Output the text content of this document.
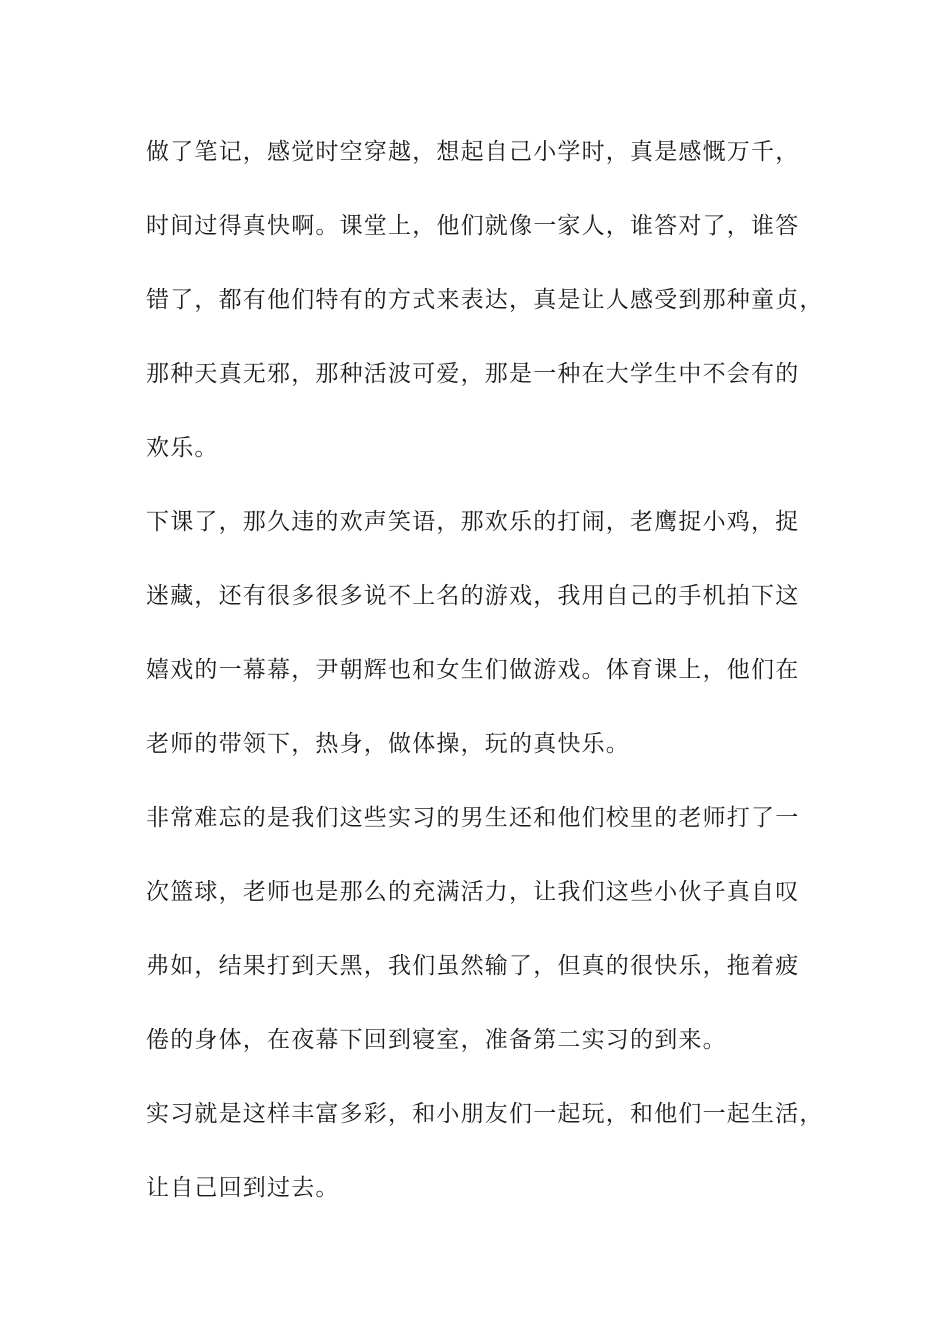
做了笔记，感觉时空穿越，想起自己小学时，真是感慨万千，
时间过得真快啊。课堂上，他们就像一家人，谁答对了，谁答
错了，都有他们特有的方式来表达，真是让人感受到那种童贞，
那种天真无邪，那种活波可爱，那是一种在大学生中不会有的
欢乐。
下课了，那久违的欢声笑语，那欢乐的打闹，老鹰捉小鸡，捉
迷藏，还有很多很多说不上名的游戏，我用自己的手机拍下这
嬉戏的一幕幕，尹朝辉也和女生们做游戏。体育课上，他们在
老师的带领下，热身，做体操，玩的真快乐。
非常难忘的是我们这些实习的男生还和他们校里的老师打了一
次篮球，老师也是那么的充满活力，让我们这些小伙子真自叹
弗如，结果打到天黑，我们虽然输了，但真的很快乐，拖着疲
倦的身体，在夜幕下回到寝室，准备第二实习的到来。
实习就是这样丰富多彩，和小朋友们一起玩，和他们一起生活，
让自己回到过去。
